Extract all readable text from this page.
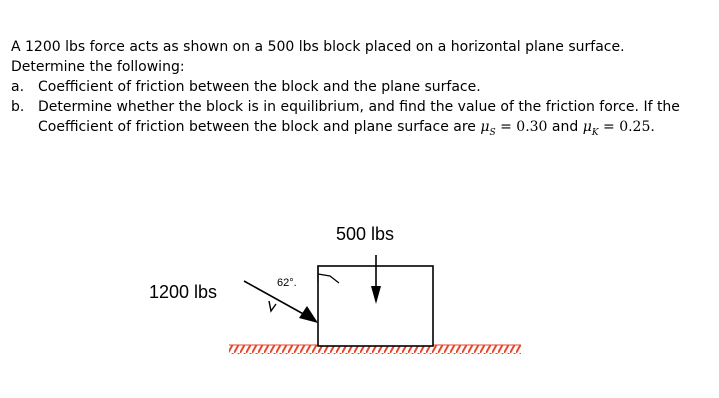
A 1200 lbs force acts as shown on a 500 lbs block placed on a horizontal plane surface.
Determine the following:

a. Coefficient of friction between the block and the plane surface.

b. Determine whether the block is in equilibrium, and find the value of the friction force. If the
Coefficient of friction between the block and plane surface are $\mu_S = 0.30$ and $\mu_K = 0.25$.

500 lbs
1200 lbs	62°.
